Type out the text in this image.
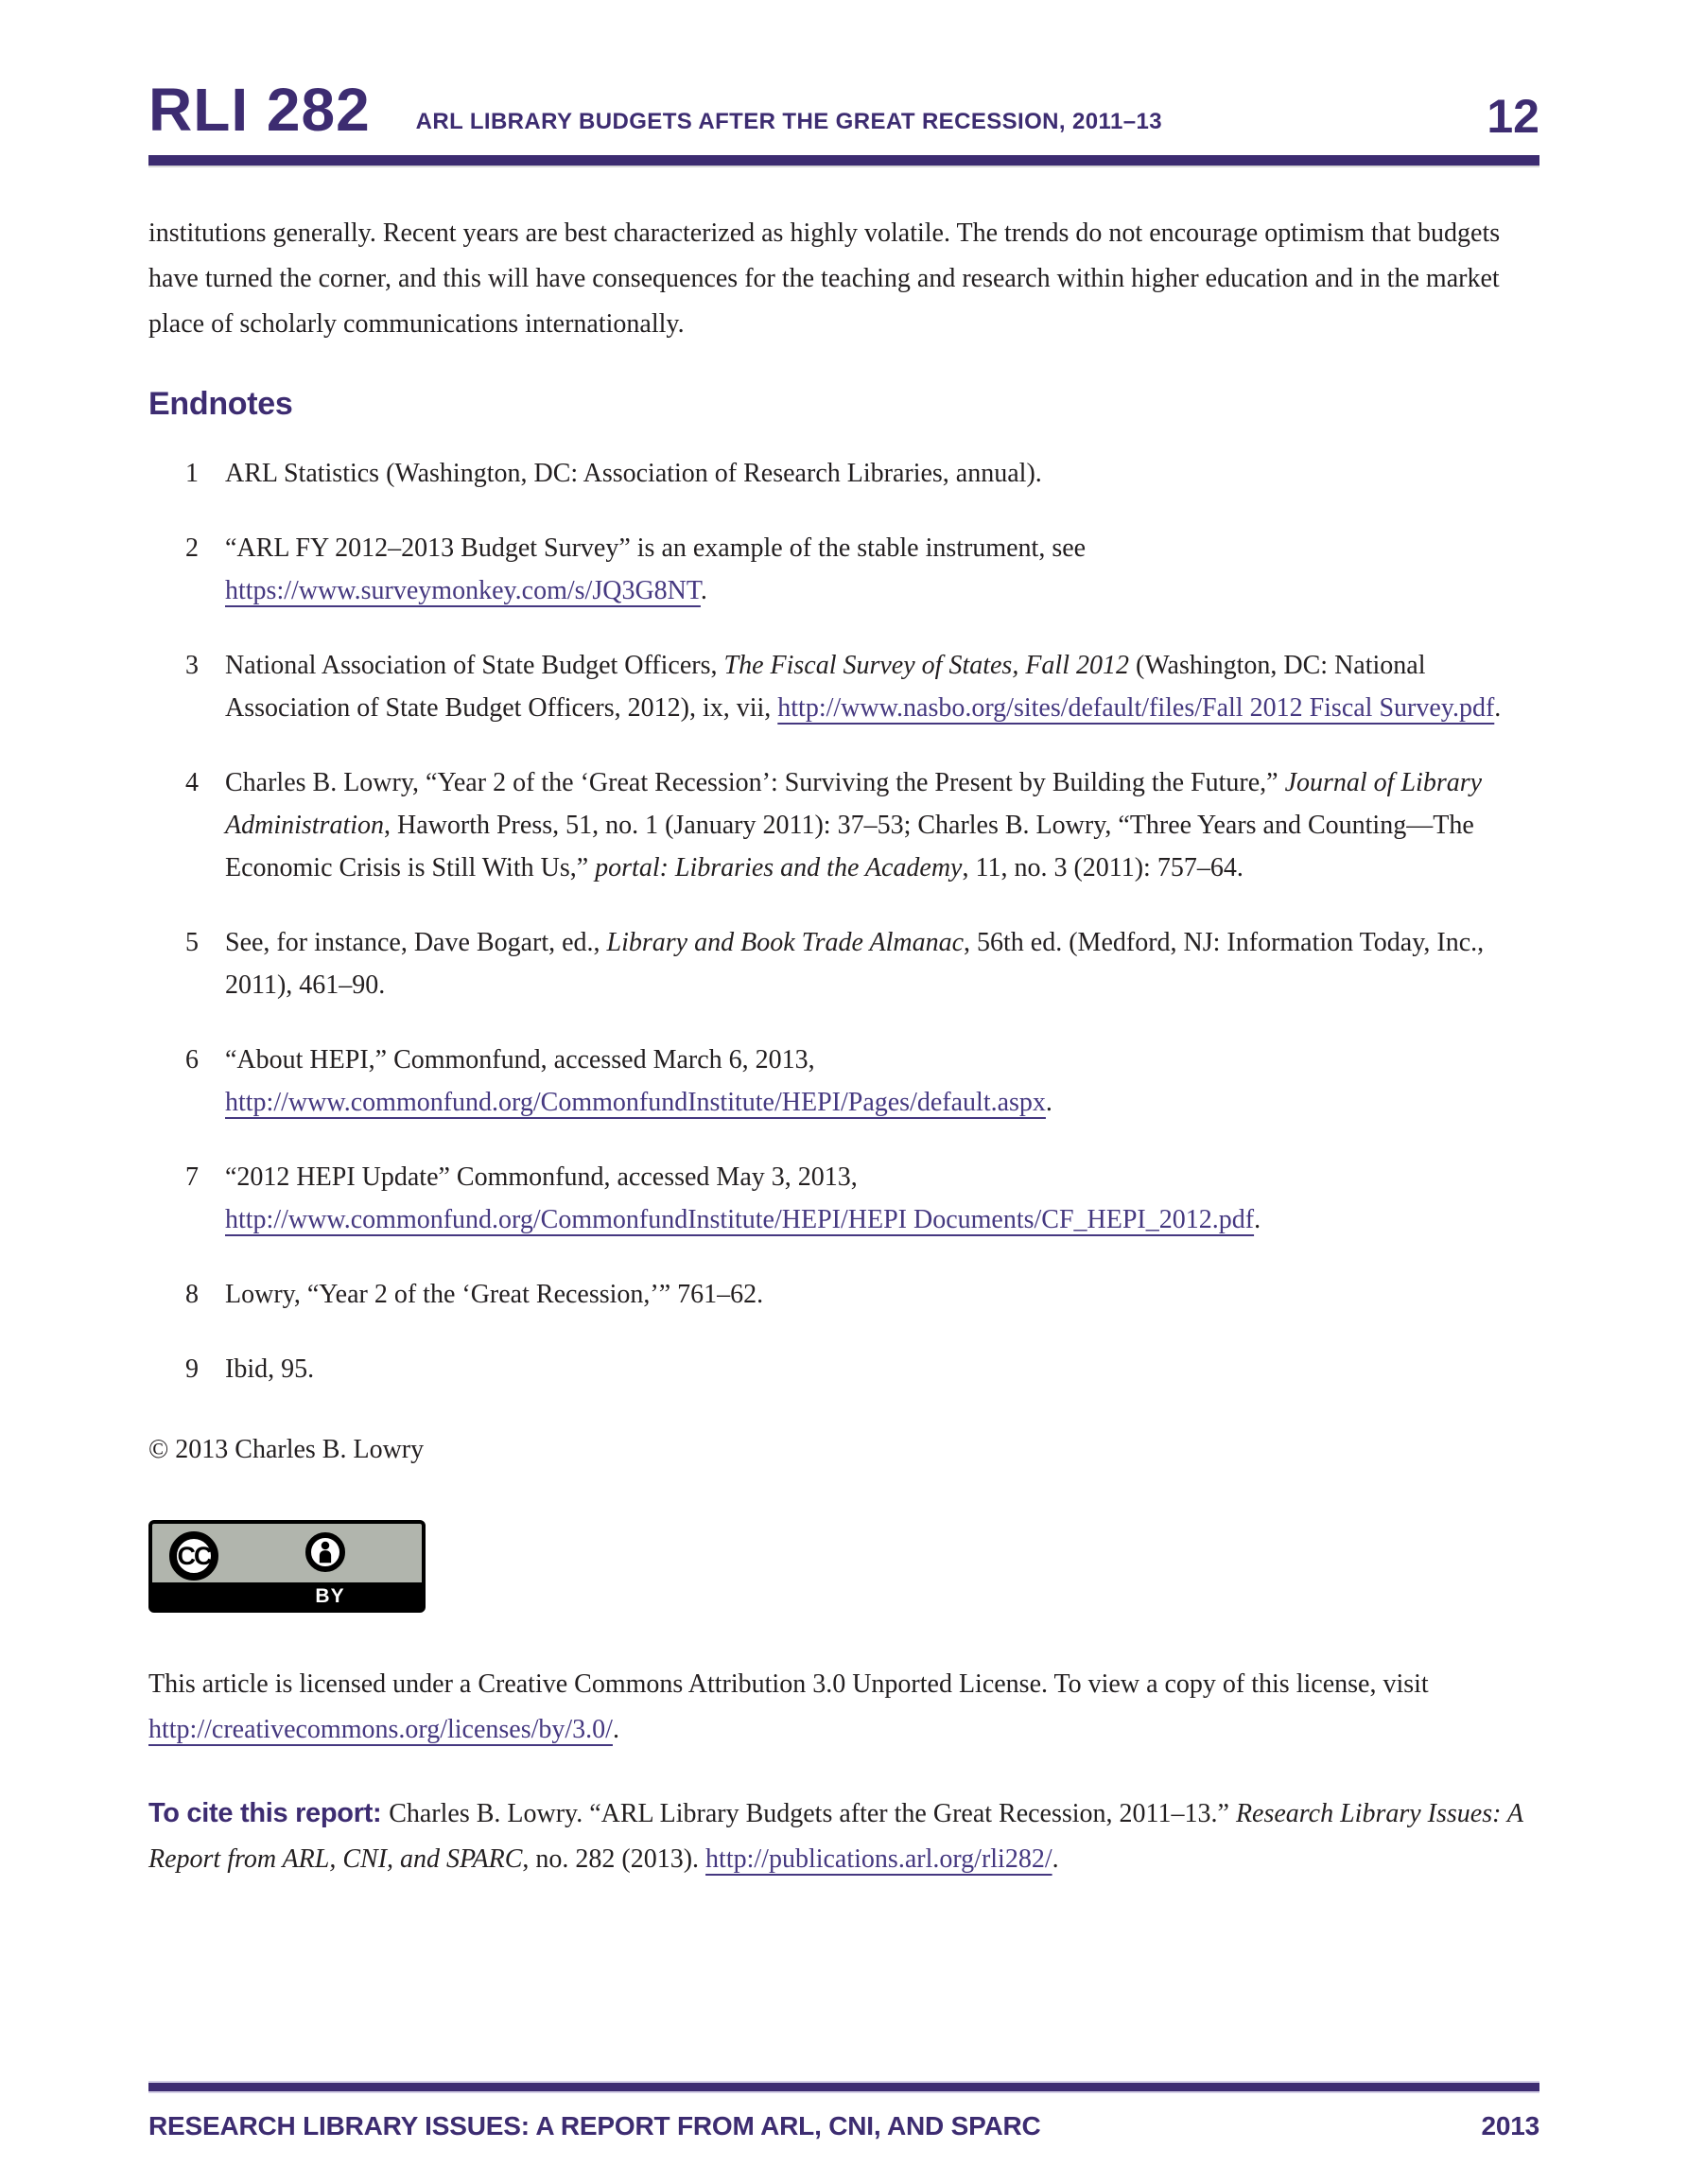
RLI 282 ARL LIBRARY BUDGETS AFTER THE GREAT RECESSION, 2011–13	12

institutions generally. Recent years are best characterized as highly volatile. The trends do not encourage optimism that budgets have turned the corner, and this will have consequences for the teaching and research within higher education and in the market place of scholarly communications internationally.

Endnotes
1	ARL Statistics (Washington, DC: Association of Research Libraries, annual).
2	“ARL FY 2012–2013 Budget Survey” is an example of the stable instrument, see https://www.surveymonkey.com/s/JQ3G8NT.
3	National Association of State Budget Officers, The Fiscal Survey of States, Fall 2012 (Washington, DC: National Association of State Budget Officers, 2012), ix, vii, http://www.nasbo.org/sites/default/files/Fall 2012 Fiscal Survey.pdf.
4	Charles B. Lowry, “Year 2 of the ‘Great Recession’: Surviving the Present by Building the Future,” Journal of Library Administration, Haworth Press, 51, no. 1 (January 2011): 37–53; Charles B. Lowry, “Three Years and Counting—The Economic Crisis is Still With Us,” portal: Libraries and the Academy, 11, no. 3 (2011): 757–64.
5	See, for instance, Dave Bogart, ed., Library and Book Trade Almanac, 56th ed. (Medford, NJ: Information Today, Inc., 2011), 461–90.
6	“About HEPI,” Commonfund, accessed March 6, 2013, http://www.commonfund.org/CommonfundInstitute/HEPI/Pages/default.aspx.
7	“2012 HEPI Update” Commonfund, accessed May 3, 2013, http://www.commonfund.org/CommonfundInstitute/HEPI/HEPI Documents/CF_HEPI_2012.pdf.
8	Lowry, “Year 2 of the ‘Great Recession,’” 761–62.
9	Ibid, 95.

© 2013 Charles B. Lowry

BY
CC

This article is licensed under a Creative Commons Attribution 3.0 Unported License. To view a copy of this license, visit http://creativecommons.org/licenses/by/3.0/.

To cite this report: Charles B. Lowry. “ARL Library Budgets after the Great Recession, 2011–13.” Research Library Issues: A Report from ARL, CNI, and SPARC, no. 282 (2013). http://publications.arl.org/rli282/.

RESEARCH LIBRARY ISSUES: A REPORT FROM ARL, CNI, AND SPARC	2013
